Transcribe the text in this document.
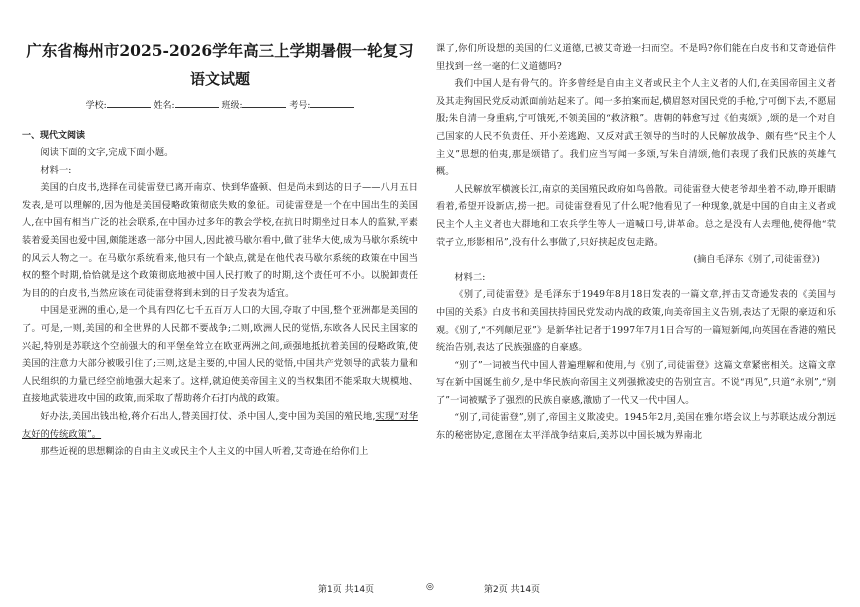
广东省梅州市2025-2026学年高三上学期暑假一轮复习
语文试题
学校:	姓名:	班级:	考号:
一、现代文阅读

阅读下面的文字,完成下面小题。

材料一:

美国的白皮书,选择在司徒雷登已离开南京、快到华盛顿、但是尚未到达的日子——八月五日发表,是可以理解的,因为他是美国侵略政策彻底失败的象征。司徒雷登是一个在中国出生的美国人,在中国有相当广泛的社会联系,在中国办过多年的教会学校,在抗日时期坐过日本人的监狱,平素装着爱美国也爱中国,颇能迷惑一部分中国人,因此被马歇尔看中,做了驻华大使,成为马歇尔系统中的风云人物之一。在马歇尔系统看来,他只有一个缺点,就是在他代表马歇尔系统的政策在中国当权的整个时期,恰恰就是这个政策彻底地被中国人民打败了的时期,这个责任可不小。以脱卸责任为目的的白皮书,当然应该在司徒雷登将到未到的日子发表为适宜。

中国是亚洲的重心,是一个具有四亿七千五百万人口的大国,夺取了中国,整个亚洲都是美国的了。可是,一则,美国的和全世界的人民都不要战争;二则,欧洲人民的觉悟,东欧各人民民主国家的兴起,特别是苏联这个空前强大的和平堡垒耸立在欧亚两洲之间,顽强地抵抗着美国的侵略政策,使美国的注意力大部分被吸引住了;三则,这是主要的,中国人民的觉悟,中国共产党领导的武装力量和人民组织的力量已经空前地强大起来了。这样,就迫使美帝国主义的当权集团不能采取大规模地、直接地武装进攻中国的政策,而采取了帮助蒋介石打内战的政策。

好办法,美国出钱出枪,蒋介石出人,替美国打仗、杀中国人,变中国为美国的殖民地,实现“对华友好的传统政策”。

那些近视的思想糊涂的自由主义或民主个人主义的中国人听着,艾奇逊在给你们上

课了,你们所设想的美国的仁义道德,已被艾奇逊一扫而空。不是吗?你们能在白皮书和艾奇逊信件里找到一丝一毫的仁义道德吗?

我们中国人是有骨气的。许多曾经是自由主义者或民主个人主义者的人们,在美国帝国主义者及其走狗国民党反动派面前站起来了。闻一多拍案而起,横眉怒对国民党的手枪,宁可倒下去,不愿屈服;朱自清一身重病,宁可饿死,不领美国的“救济粮”。唐朝的韩愈写过《伯夷颂》,颂的是一个对自己国家的人民不负责任、开小差逃跑、又反对武王领导的当时的人民解放战争、颇有些“民主个人主义”思想的伯夷,那是颂错了。我们应当写闻一多颂,写朱自清颂,他们表现了我们民族的英雄气概。

人民解放军横渡长江,南京的美国殖民政府如鸟兽散。司徒雷登大使老爷却坐着不动,睁开眼睛看着,希望开设新店,捞一把。司徒雷登看见了什么呢?他看见了一种现象,就是中国的自由主义者或民主个人主义者也大群地和工农兵学生等人一道喊口号,讲革命。总之是没有人去理他,使得他“茕茕孑立,形影相吊”,没有什么事做了,只好挟起皮包走路。

(摘自毛泽东《别了,司徒雷登》)

材料二:

《别了,司徒雷登》是毛泽东于1949年8月18日发表的一篇文章,抨击艾奇逊发表的《美国与中国的关系》白皮书和美国扶持国民党发动内战的政策,向美帝国主义告别,表达了无限的豪迈和乐观。《别了,“不列颠尼亚”》是新华社记者于1997年7月1日合写的一篇短新闻,向英国在香港的殖民统治告别,表达了民族强盛的自豪感。

“别了”一词被当代中国人普遍理解和使用,与《别了,司徒雷登》这篇文章紧密相关。这篇文章写在新中国诞生前夕,是中华民族向帝国主义列强掀凌史的告别宣言。不说“再见”,只道“永别”,“别了”一词被赋予了强烈的民族自豪感,激励了一代又一代中国人。

“别了,司徒雷登”,别了,帝国主义欺凌史。1945年2月,美国在雅尔塔会议上与苏联达成分割远东的秘密协定,意图在太平洋战争结束后,美苏以中国长城为界南北

第1页 共14页	◎	第2页 共14页
